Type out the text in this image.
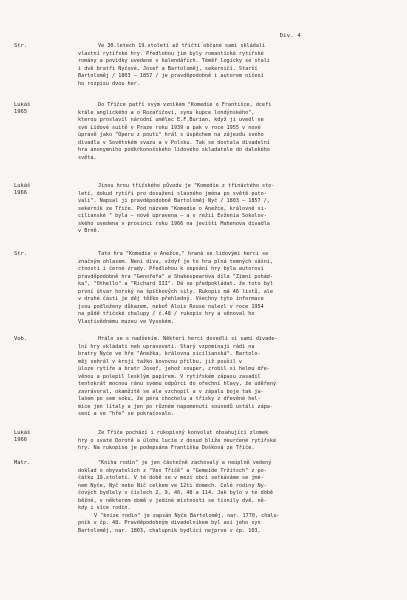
Div. 4
Str.	Ve 30.letech 19.století až třičtí občané sami skládali
vlastní rytířské hry. Předlohou jim byly romantické rytířské
romány a povídky uvedené v kalendářích. Téměř logicky se stali
i dvě bratři Nyčové, Josef a Bartoloměj, sekerničí. Starší
Bartoloměj / 1803 – 1857 / je pravděpodobně i autorem ničení
ho rozpisu dvou her.
Lukáš
1965
Do Třičce patří svým vznikem "Komedie o Františce, dceři
krále anglického a o Rozařičovi, synu kupce londýnského",
kterou proslavil národní umělec E.F.Burian, když ji uvedl ve
své Lidové suitě v Praze roku 1939 a pak v roce 1955 v nové
úpravě jako "Operu z pouti" hrál s úspěchem na zájezdu svého
divadla v Sovětském svazu a v Polsku. Tak se dostala divadelní
hra anonymního podkrkonošského lidového skladatele do dalekého
světa.
Lukáš
1966
Jinou hrou třičského původu je "Komedie z třináctého sto-
letí, dokud rytíři pro dosažení slavného jména po světě puto-
vali". Napsal ji pravděpodobně Bartoloměj Nyč / 1803 – 1857 /,
sekerník ze Třiče. Pod názvem "Komedie o Anežce, královně si-
cilianské " byla – nově upravena – a v režii Evženia Sokolov-
ského uvedena v prosinci roku 1966 na jevišti Mahenova divadla
v Brně.
Str.	Tato hra "Komedie o Anežce," hraná se lidovými herci se
značným ohlasem. Není divu, vždyť je to hra plná temných vášní,
ctností i černé zrady. Předlohou k sepsání hry byla autorovi
pravděpodobně hra "Genofefa" a Shakespearova díla "Zimní pohád-
ka", "Othello" a "Richard III". Dá se předpokládat, že toto byl
první útvar horský na špičkových sily. Rukopis má 46 listů, ale
v druhé části je děj těžko přehledný. Všechny tyto informace
jsou podloženy důkazem, neboť Alois Rouse nalezl v roce 1954
na půdě třičské chalupy / č.48 / rukopis hry a věnoval ho
Vlastivědnému muzeu ve Vysokém.
Vob.	Hrálo se s nadšením. Některí herci dovedli si sami divade-
lní hry skládati neb upravovati. Starý vzpomínají rádi na
bratry Nyče ve hře "Anežka, královna sicilianská". Bartolo-
měj sehrál v kroji tažko kovovou přilbu, již poušil v
úloze rytíře a bratr Josef, jehož souper, zrobil si helmu dře-
věnou a polepil lesklým papírem. V rytířském zápasu zasadil
tentokrát mocnou ránu svému odpůrci do ořechní hlavy, že uděřený
zavrávoral, okamžitě se ale vzchopil a v zápalu boje tak ja-
lašem po sem soku, že péra chocholu a třísky z dřevěné hel-
mice jen lítaly a jen po různém napomenutí sousedů ustáli zápa-
sení a ve "hře" se pokračovalo.
Lukáš
1966
Ze Třiče pochází i rukopisný konvolut obsahující zlomek
hry o svaté Dorotě a úlohu lucie z dosud blíže neurčené rytířské
hry. Na rukopise je podepsána Františka Došková ze Třiče.
Matr.	"Kniha rodin" je jen částečně zachovalý a neúplně vedený
doklad o obyvatelích z "Ves Třičě" a "Gemeide Tržitsch" z po-
čátku 19.století. V té době se v mezi obcí setkáváme se jmé-
nem Nyče, Nyč nebo Nič celkem ve 12ti domech. Celé rodiny Ny-
čových bydlely v číslech 2, 9, 40, 48 a 114. Jak bylo v té době
běžné, v některém domě v jediné místnosti se tísnily dvě, ně-
kdy i více rodin.
V "knize rodin" je zapsán Nyče Bartoloměj, nar. 1770, chalu-
pník v čp. 48. Pravděpodobným divadelníkem byl asi jeho syn
Bartoloměj, nar. 1803, chalupník bydlící nejprve v čp. 103,
